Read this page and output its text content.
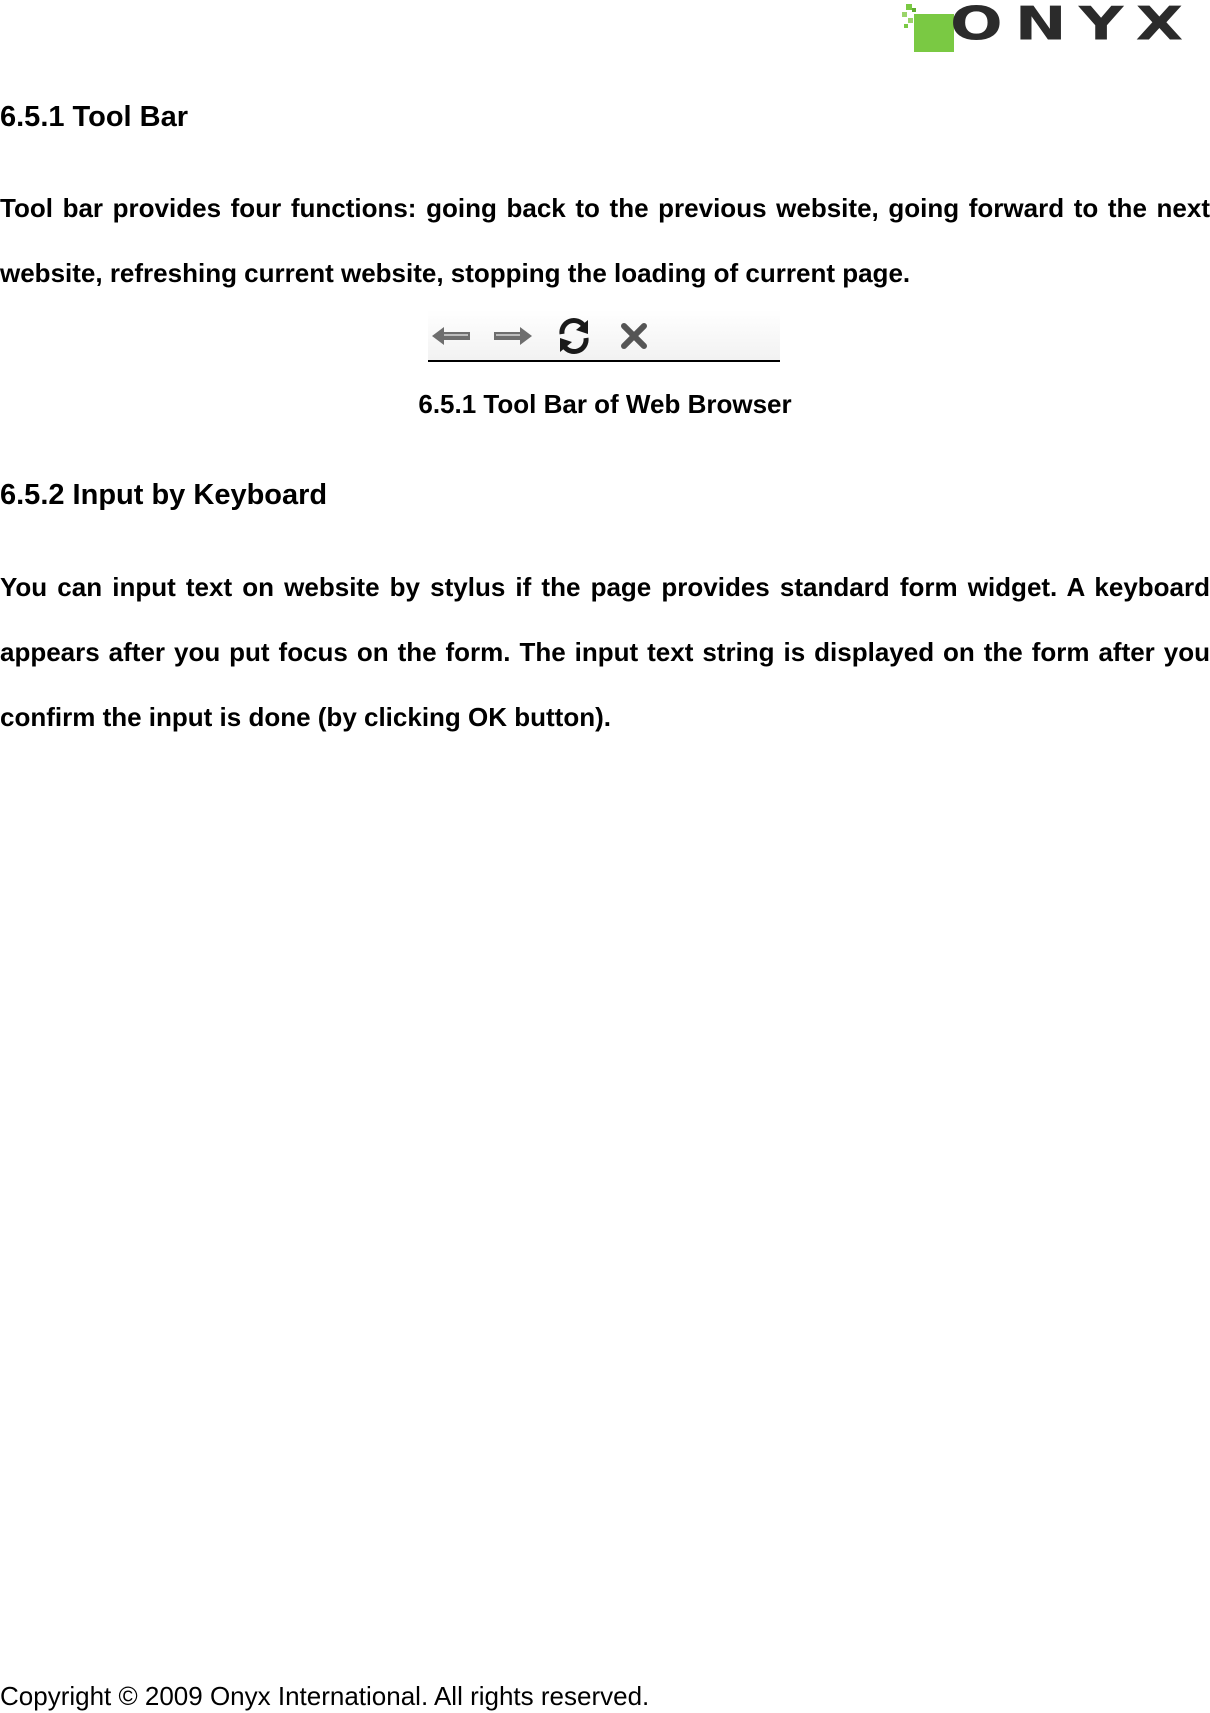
ONYX
6.5.1 Tool Bar

Tool bar provides four functions: going back to the previous website, going forward to the next website, refreshing current website, stopping the loading of current page.

6.5.1 Tool Bar of Web Browser

6.5.2 Input by Keyboard

You can input text on website by stylus if the page provides standard form widget. A keyboard appears after you put focus on the form. The input text string is displayed on the form after you confirm the input is done (by clicking OK button).

Copyright © 2009 Onyx International. All rights reserved.
